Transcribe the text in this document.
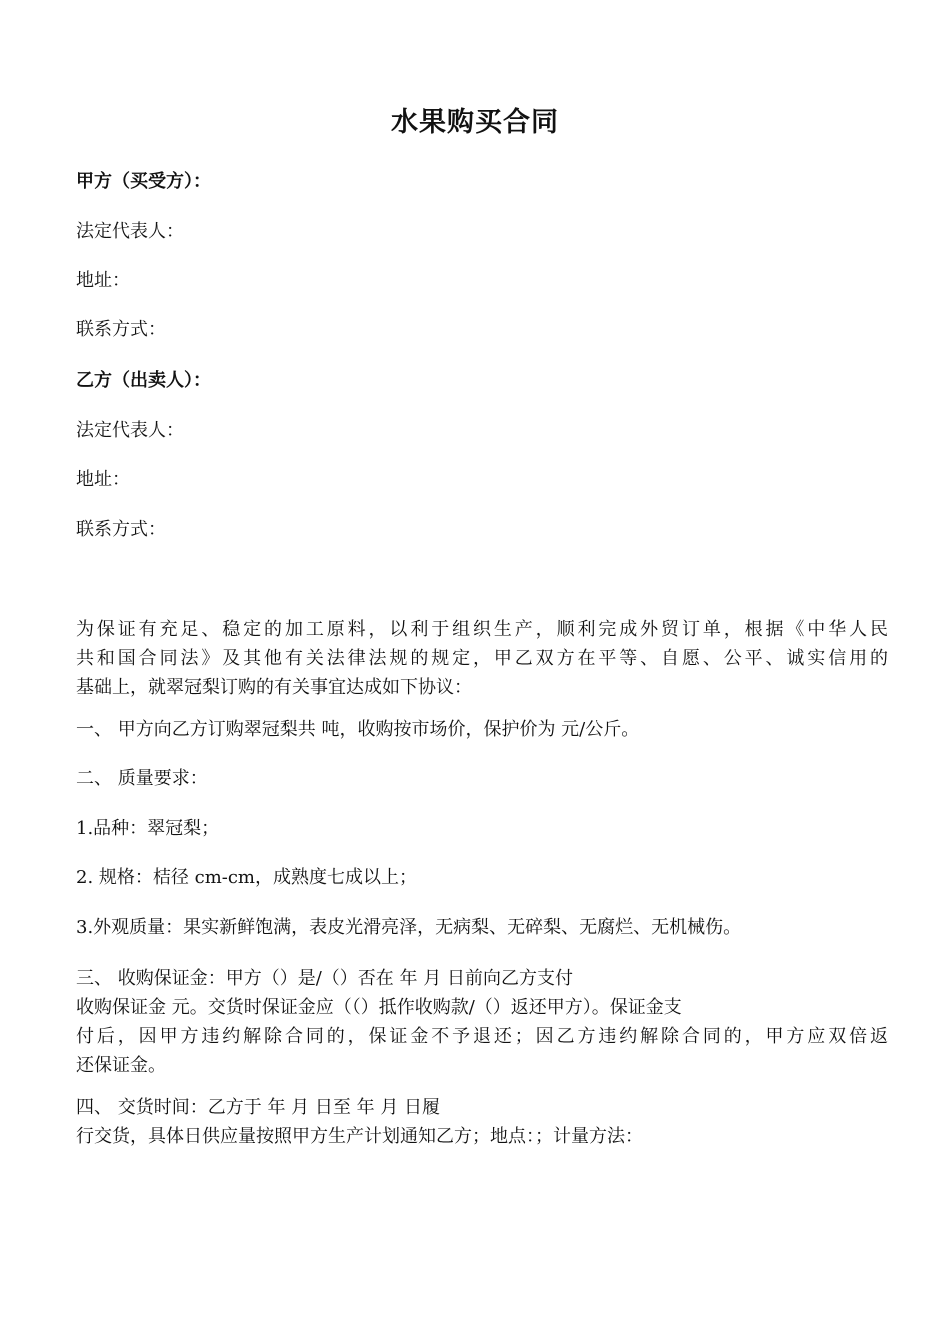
水果购买合同

甲方（买受方）：

法定代表人：

地址：

联系方式：

乙方（出卖人）：

法定代表人：

地址：

联系方式：

为保证有充足、稳定的加工原料，以利于组织生产，顺利完成外贸订单，根据《中华人民
共和国合同法》及其他有关法律法规的规定，甲乙双方在平等、自愿、公平、诚实信用的
基础上，就翠冠梨订购的有关事宜达成如下协议：

一、 甲方向乙方订购翠冠梨共 吨，收购按市场价，保护价为 元/公斤。

二、 质量要求：

1.品种：翠冠梨；

2. 规格：桔径 cm-cm，成熟度七成以上；

3.外观质量：果实新鲜饱满，表皮光滑亮泽，无病梨、无碎梨、无腐烂、无机械伤。

三、 收购保证金：甲方（）是/（）否在 年 月 日前向乙方支付
收购保证金 元。交货时保证金应（（）抵作收购款/（）返还甲方）。保证金支
付后，因甲方违约解除合同的，保证金不予退还；因乙方违约解除合同的，甲方应双倍返
还保证金。
四、 交货时间：乙方于 年 月 日至 年 月 日履
行交货，具体日供应量按照甲方生产计划通知乙方；地点：；计量方法：
